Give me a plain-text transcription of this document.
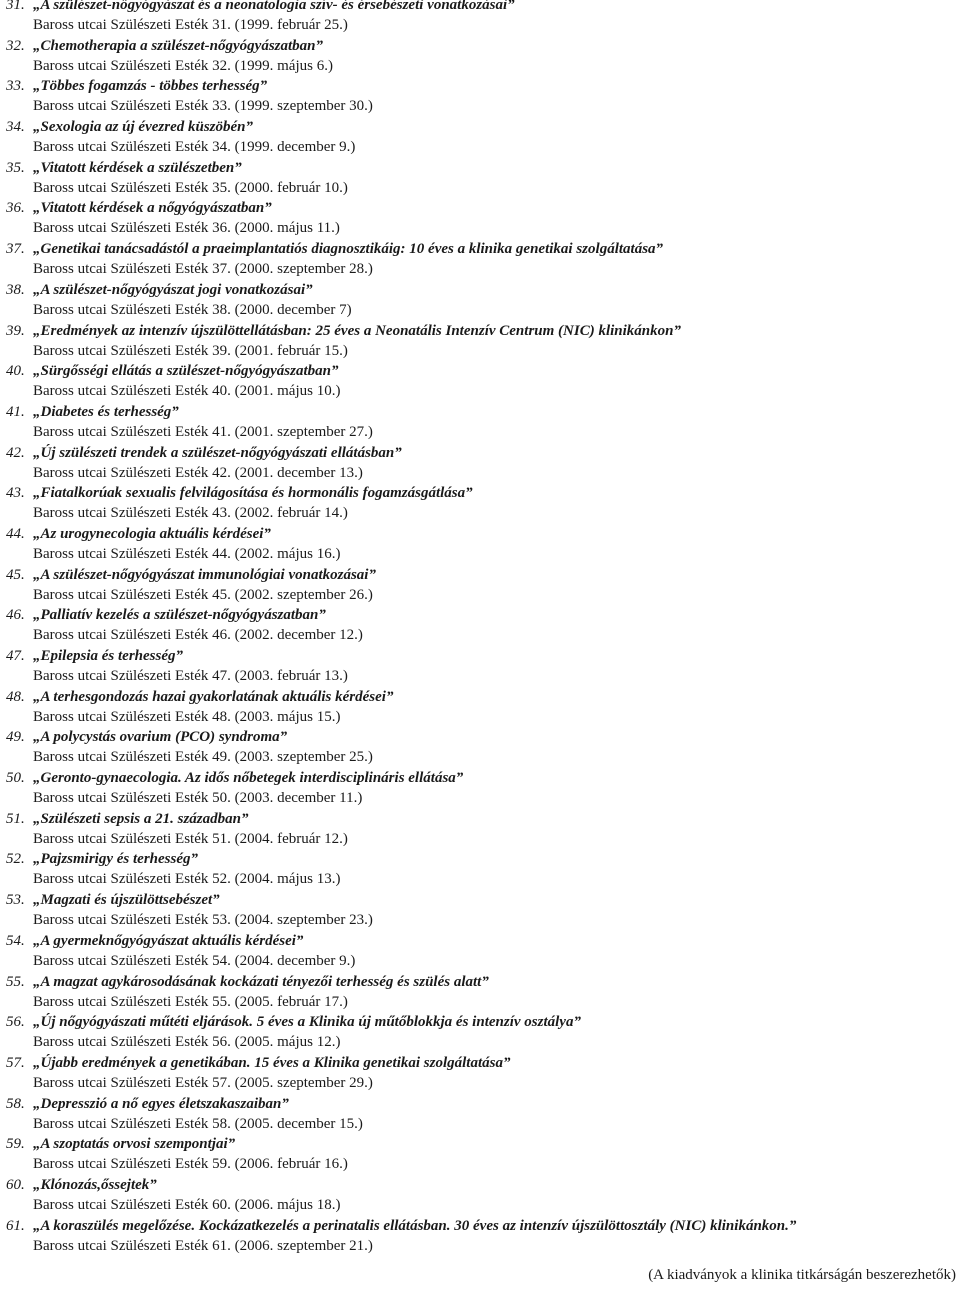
31. „A szülészet-nőgyógyászat és a neonatologia szív- és érsebészeti vonatkozásai”
Baross utcai Szülészeti Esték 31. (1999. február 25.)
32. „Chemotherapia a szülészet-nőgyógyászatban”
Baross utcai Szülészeti Esték 32. (1999. május 6.)
33. „Többes fogamzás - többes terhesség”
Baross utcai Szülészeti Esték 33. (1999. szeptember 30.)
34. „Sexologia az új évezred küszöbén”
Baross utcai Szülészeti Esték 34. (1999. december 9.)
35. „Vitatott kérdések a szülészetben”
Baross utcai Szülészeti Esték 35. (2000. február 10.)
36. „Vitatott kérdések a nőgyógyászatban”
Baross utcai Szülészeti Esték 36. (2000. május 11.)
37. „Genetikai tanácsadástól a praeimplantatiós diagnosztikáig: 10 éves a klinika genetikai szolgáltatása”
Baross utcai Szülészeti Esték 37. (2000. szeptember 28.)
38. „A szülészet-nőgyógyászat jogi vonatkozásai”
Baross utcai Szülészeti Esték 38. (2000. december 7)
39. „Eredmények az intenzív újszülöttellátásban: 25 éves a Neonatális Intenzív Centrum (NIC) klinikánkon”
Baross utcai Szülészeti Esték 39. (2001. február 15.)
40. „Sürgősségi ellátás a szülészet-nőgyógyászatban”
Baross utcai Szülészeti Esték 40. (2001. május 10.)
41. „Diabetes és terhesség”
Baross utcai Szülészeti Esték 41. (2001. szeptember 27.)
42. „Új szülészeti trendek a szülészet-nőgyógyászati ellátásban”
Baross utcai Szülészeti Esték 42. (2001. december 13.)
43. „Fiatalkorúak sexualis felvilágosítása és hormonális fogamzásgátlása”
Baross utcai Szülészeti Esték 43. (2002. február 14.)
44. „Az urogynecologia aktuális kérdései”
Baross utcai Szülészeti Esték 44. (2002. május 16.)
45. „A szülészet-nőgyógyászat immunológiai vonatkozásai”
Baross utcai Szülészeti Esték 45. (2002. szeptember 26.)
46. „Palliatív kezelés a szülészet-nőgyógyászatban”
Baross utcai Szülészeti Esték 46. (2002. december 12.)
47. „Epilepsia és terhesség”
Baross utcai Szülészeti Esték 47. (2003. február 13.)
48. „A terhesgondozás hazai gyakorlatának aktuális kérdései”
Baross utcai Szülészeti Esték 48. (2003. május 15.)
49. „A polycystás ovarium (PCO) syndroma”
Baross utcai Szülészeti Esték 49. (2003. szeptember 25.)
50. „Geronto-gynaecologia. Az idős nőbetegek interdisciplináris ellátása”
Baross utcai Szülészeti Esték 50. (2003. december 11.)
51. „Szülészeti sepsis a 21. században”
Baross utcai Szülészeti Esték 51. (2004. február 12.)
52. „Pajzsmirigy és terhesség”
Baross utcai Szülészeti Esték 52. (2004. május 13.)
53. „Magzati és újszülöttsebészet”
Baross utcai Szülészeti Esték 53. (2004. szeptember 23.)
54. „A gyermeknőgyógyászat aktuális kérdései”
Baross utcai Szülészeti Esték 54. (2004. december 9.)
55. „A magzat agykárosodásának kockázati tényezői terhesség és szülés alatt”
Baross utcai Szülészeti Esték 55. (2005. február 17.)
56. „Új nőgyógyászati műtéti eljárások. 5 éves a Klinika új műtőblokkja és intenzív osztálya”
Baross utcai Szülészeti Esték 56. (2005. május 12.)
57. „Újabb eredmények a genetikában. 15 éves a Klinika genetikai szolgáltatása”
Baross utcai Szülészeti Esték 57. (2005. szeptember 29.)
58. „Depresszió a nő egyes életszakaszaiban”
Baross utcai Szülészeti Esték 58. (2005. december 15.)
59. „A szoptatás orvosi szempontjai”
Baross utcai Szülészeti Esték 59. (2006. február 16.)
60. „Klónozás,őssejtek”
Baross utcai Szülészeti Esték 60. (2006. május 18.)
61. „A koraszülés megelőzése. Kockázatkezelés a perinatalis ellátásban. 30 éves az intenzív újszülöttosztály (NIC) klinikánkon.”
Baross utcai Szülészeti Esték 61. (2006. szeptember 21.)
(A kiadványok a klinika titkárságán beszerezhetők)
